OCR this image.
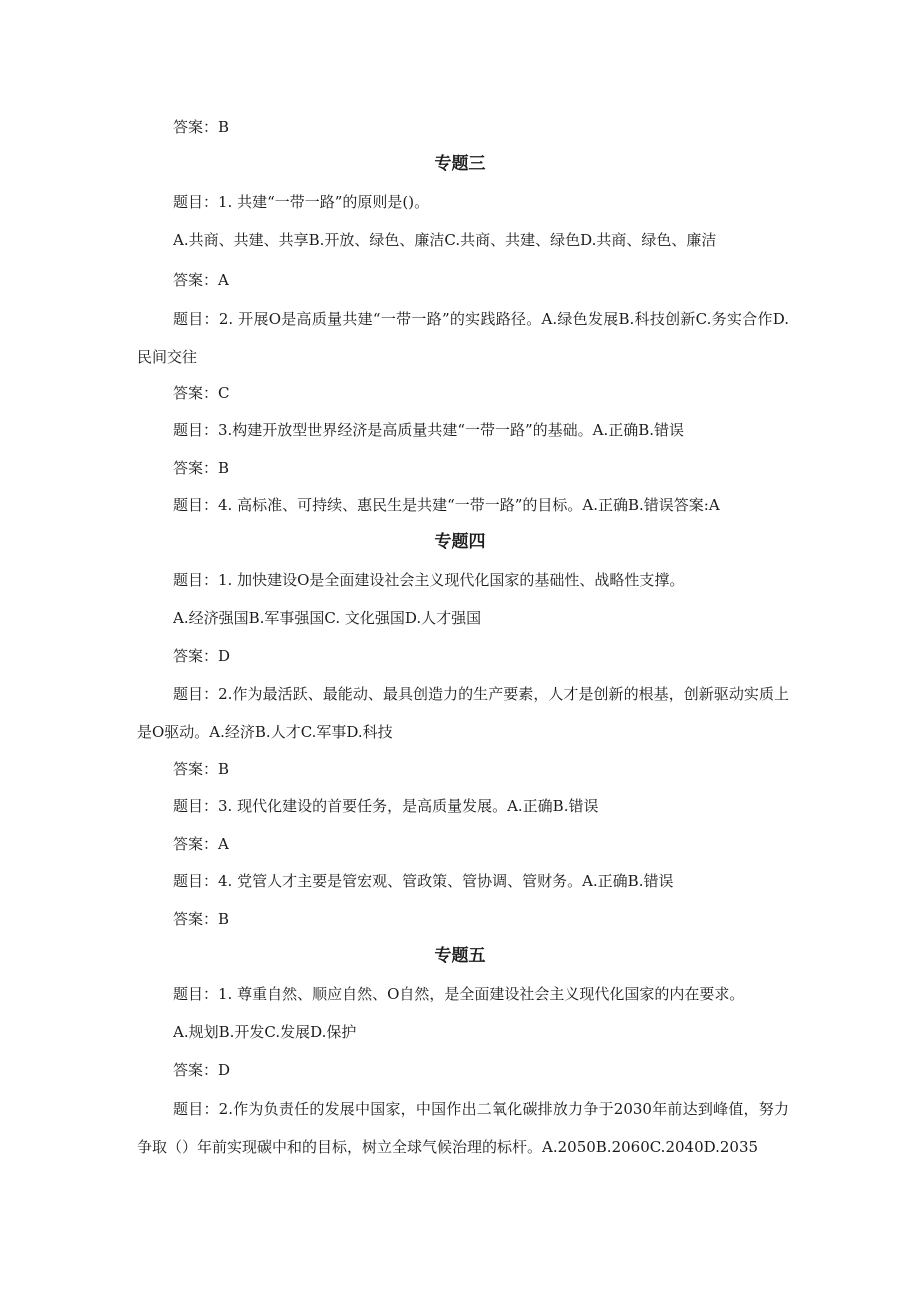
答案：B
专题三
题目：1. 共建“一带一路”的原则是()。
A.共商、共建、共享B.开放、绿色、廉洁C.共商、共建、绿色D.共商、绿色、廉洁
答案：A
题目：2. 开展O是高质量共建“一带一路”的实践路径。A.绿色发展B.科技创新C.务实合作D.民间交往
答案：C
题目：3.构建开放型世界经济是高质量共建“一带一路”的基础。A.正确B.错误
答案：B
题目：4. 高标准、可持续、惠民生是共建“一带一路”的目标。A.正确B.错误答案:A
专题四
题目：1. 加快建设O是全面建设社会主义现代化国家的基础性、战略性支撑。
A.经济强国B.军事强国C. 文化强国D.人才强国
答案：D
题目：2.作为最活跃、最能动、最具创造力的生产要素，人才是创新的根基，创新驱动实质上是O驱动。A.经济B.人才C.军事D.科技
答案：B
题目：3. 现代化建设的首要任务，是高质量发展。A.正确B.错误
答案：A
题目：4. 党管人才主要是管宏观、管政策、管协调、管财务。A.正确B.错误
答案：B
专题五
题目：1. 尊重自然、顺应自然、O自然，是全面建设社会主义现代化国家的内在要求。
A.规划B.开发C.发展D.保护
答案：D
题目：2.作为负责任的发展中国家，中国作出二氧化碳排放力争于2030年前达到峰值，努力争取（）年前实现碳中和的目标，树立全球气候治理的标杆。A.2050B.2060C.2040D.2035
